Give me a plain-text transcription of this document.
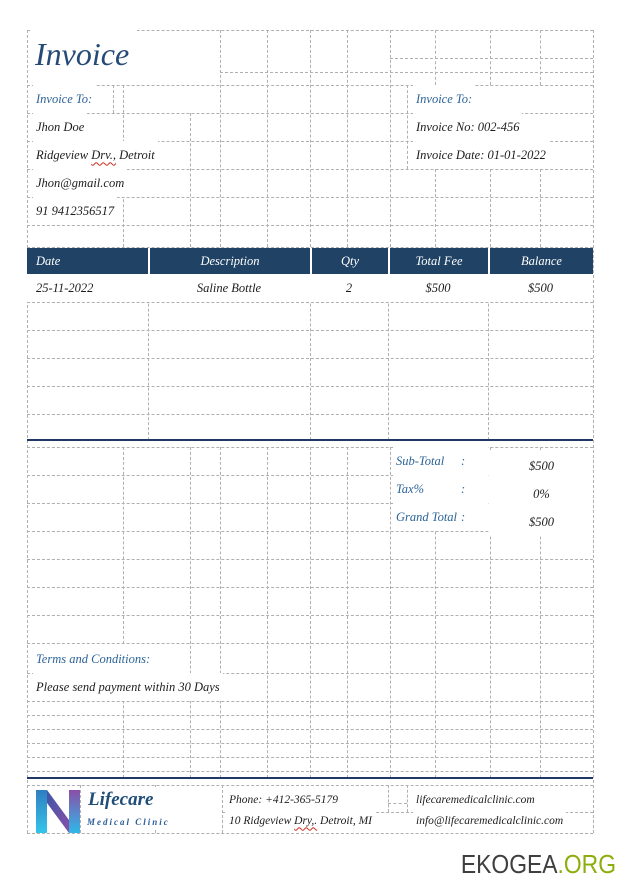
Invoice
Invoice To:
Jhon Doe
Ridgeview Drv., Detroit
Jhon@gmail.com
91 9412356517
Invoice To:
Invoice No: 002-456
Invoice Date: 01-01-2022
Date	Description	Qty	Total Fee	Balance
25-11-2022	Saline Bottle	2	$500	$500
Sub-Total :	$500
Tax%	:	0%
Grand Total :	$500
Terms and Conditions:
Please send payment within 30 Days
Lifecare
Medical Clinic
Phone: +412-365-5179
10 Ridgeview Dry,. Detroit, MI
lifecaremedicalclinic.com
info@lifecaremedicalclinic.com
EKOGEA .ORG
